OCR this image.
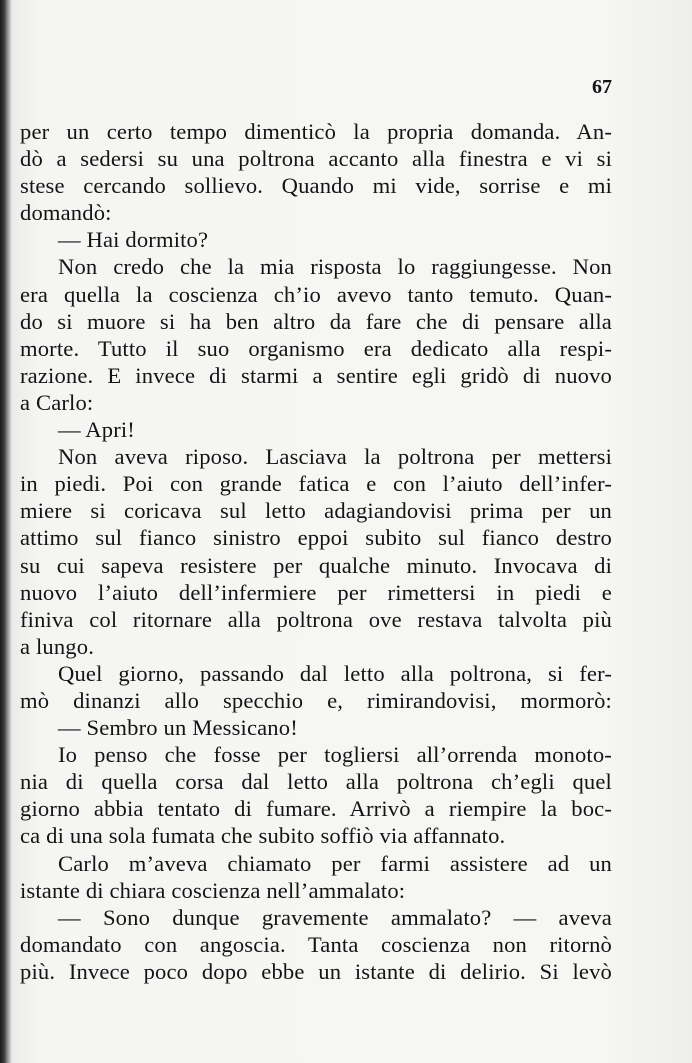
67
per un certo tempo dimenticò la propria domanda. An-
dò a sedersi su una poltrona accanto alla finestra e vi si
stese cercando sollievo. Quando mi vide, sorrise e mi
domandò:
— Hai dormito?
Non credo che la mia risposta lo raggiungesse. Non
era quella la coscienza ch’io avevo tanto temuto. Quan-
do si muore si ha ben altro da fare che di pensare alla
morte. Tutto il suo organismo era dedicato alla respi-
razione. E invece di starmi a sentire egli gridò di nuovo
a Carlo:
— Apri!
Non aveva riposo. Lasciava la poltrona per mettersi
in piedi. Poi con grande fatica e con l’aiuto dell’infer-
miere si coricava sul letto adagiandovisi prima per un
attimo sul fianco sinistro eppoi subito sul fianco destro
su cui sapeva resistere per qualche minuto. Invocava di
nuovo l’aiuto dell’infermiere per rimettersi in piedi e
finiva col ritornare alla poltrona ove restava talvolta più
a lungo.
Quel giorno, passando dal letto alla poltrona, si fer-
mò dinanzi allo specchio e, rimirandovisi, mormorò:
— Sembro un Messicano!
Io penso che fosse per togliersi all’orrenda monoto-
nia di quella corsa dal letto alla poltrona ch’egli quel
giorno abbia tentato di fumare. Arrivò a riempire la boc-
ca di una sola fumata che subito soffiò via affannato.
Carlo m’aveva chiamato per farmi assistere ad un
istante di chiara coscienza nell’ammalato:
— Sono dunque gravemente ammalato? — aveva
domandato con angoscia. Tanta coscienza non ritornò
più. Invece poco dopo ebbe un istante di delirio. Si levò
